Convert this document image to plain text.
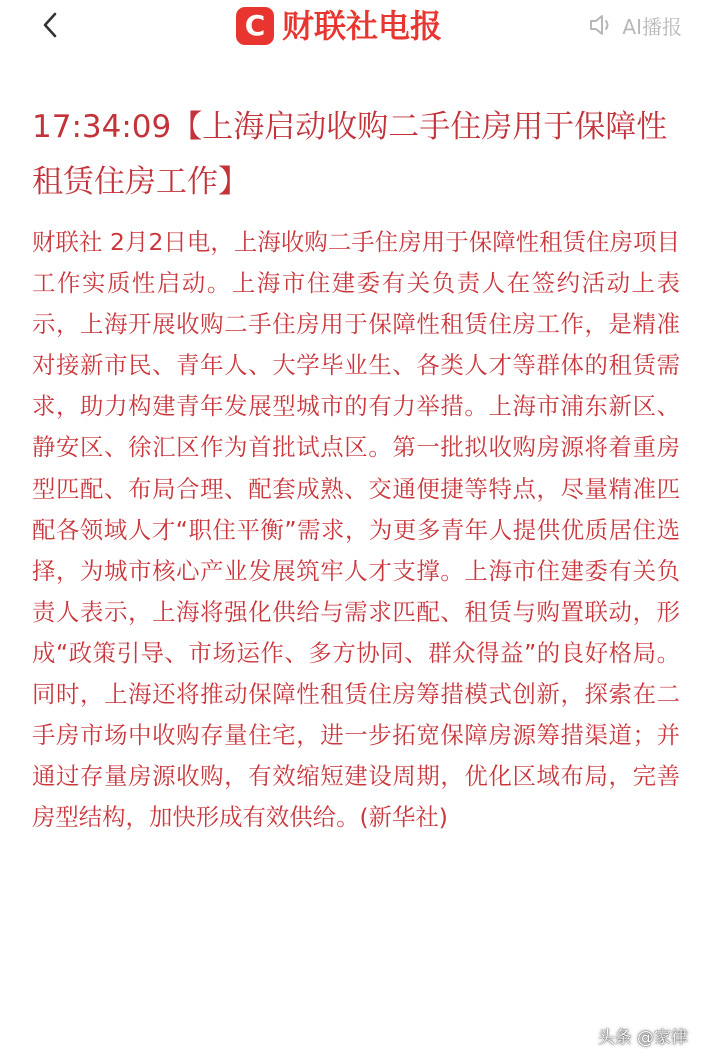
C 财联社电报	AI播报
17:34:09【上海启动收购二手住房用于保障性租赁住房工作】

财联社 2月2日电，上海收购二手住房用于保障性租赁住房项目工作实质性启动。上海市住建委有关负责人在签约活动上表示，上海开展收购二手住房用于保障性租赁住房工作，是精准对接新市民、青年人、大学毕业生、各类人才等群体的租赁需求，助力构建青年发展型城市的有力举措。上海市浦东新区、静安区、徐汇区作为首批试点区。第一批拟收购房源将着重房型匹配、布局合理、配套成熟、交通便捷等特点，尽量精准匹配各领域人才“职住平衡”需求，为更多青年人提供优质居住选择，为城市核心产业发展筑牢人才支撑。上海市住建委有关负责人表示，上海将强化供给与需求匹配、租赁与购置联动，形成“政策引导、市场运作、多方协同、群众得益”的良好格局。同时，上海还将推动保障性租赁住房筹措模式创新，探索在二手房市场中收购存量住宅，进一步拓宽保障房源筹措渠道；并通过存量房源收购，有效缩短建设周期，优化区域布局，完善房型结构，加快形成有效供给。(新华社)

头条 @家律
